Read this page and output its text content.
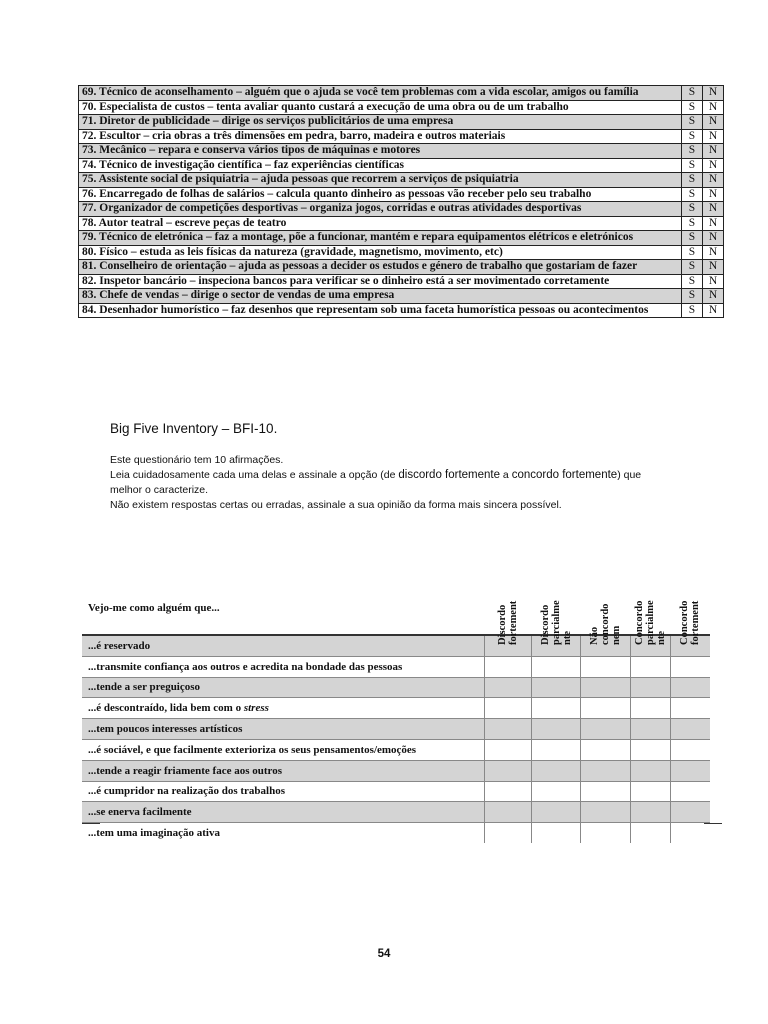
69. Técnico de aconselhamento – alguém que o ajuda se você tem problemas com a vida escolar, amigos ou família	S	N
70. Especialista de custos – tenta avaliar quanto custará a execução de uma obra ou de um trabalho	S	N
71. Diretor de publicidade – dirige os serviços publicitários de uma empresa	S	N
72. Escultor – cria obras a três dimensões em pedra, barro, madeira e outros materiais	S	N
73. Mecânico – repara e conserva vários tipos de máquinas e motores	S	N
74. Técnico de investigação científica – faz experiências científicas	S	N
75. Assistente social de psiquiatria – ajuda pessoas que recorrem a serviços de psiquiatria	S	N
76. Encarregado de folhas de salários – calcula quanto dinheiro as pessoas vão receber pelo seu trabalho	S	N
77. Organizador de competições desportivas – organiza jogos, corridas e outras atividades desportivas	S	N
78. Autor teatral – escreve peças de teatro	S	N
79. Técnico de eletrónica – faz a montage, põe a funcionar, mantém e repara equipamentos elétricos e eletrónicos	S	N
80. Físico – estuda as leis físicas da natureza (gravidade, magnetismo, movimento, etc)	S	N
81. Conselheiro de orientação – ajuda as pessoas a decider os estudos e género de trabalho que gostariam de fazer	S	N
82. Inspetor bancário – inspeciona bancos para verificar se o dinheiro está a ser movimentado corretamente	S	N
83. Chefe de vendas – dirige o sector de vendas de uma empresa	S	N
84. Desenhador humorístico – faz desenhos que representam sob uma faceta humorística pessoas ou acontecimentos	S	N
Big Five Inventory – BFI-10.

Este questionário tem 10 afirmações.

Leia cuidadosamente cada uma delas e assinale a opção (de discordo fortemente a concordo fortemente) que

melhor o caracterize.

Não existem respostas certas ou erradas, assinale a sua opinião da forma mais sincera possível.

Vejo-me como alguém que...	Discordo fortement	Discordo parcialme nte	Não concordo nem	Concordo parcialme nte	Concordo fortement

...é reservado					
...transmite confiança aos outros e acredita na bondade das pessoas					
...tende a ser preguiçoso					
...é descontraído, lida bem com o stress					
...tem poucos interesses artísticos					
...é sociável, e que facilmente exterioriza os seus pensamentos/emoções					
...tende a reagir friamente face aos outros					
...é cumpridor na realização dos trabalhos					
...se enerva facilmente					
...tem uma imaginação ativa					
54
